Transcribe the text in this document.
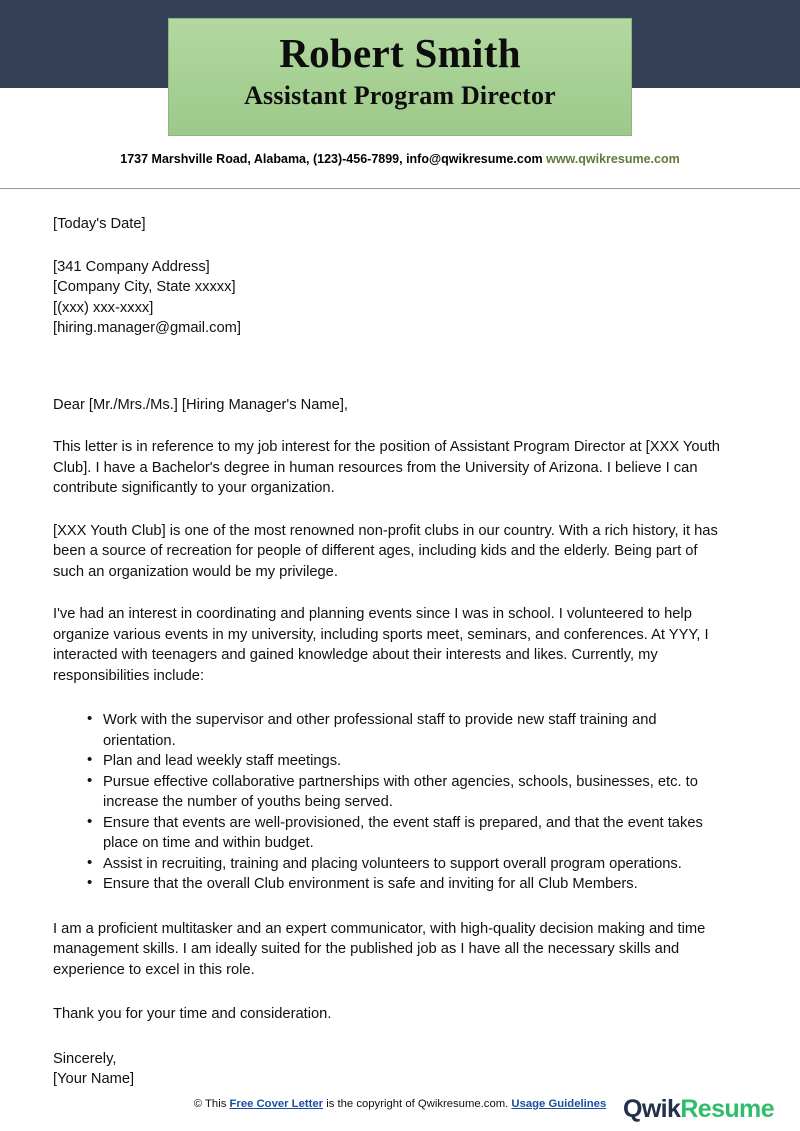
Robert Smith
Assistant Program Director
1737 Marshville Road, Alabama, (123)-456-7899, info@qwikresume.com www.qwikresume.com
[Today's Date]
[341 Company Address]
[Company City, State xxxxx]
[(xxx) xxx-xxxx]
[hiring.manager@gmail.com]
Dear [Mr./Mrs./Ms.] [Hiring Manager's Name],
This letter is in reference to my job interest for the position of Assistant Program Director at [XXX Youth Club]. I have a Bachelor's degree in human resources from the University of Arizona. I believe I can contribute significantly to your organization.
[XXX Youth Club] is one of the most renowned non-profit clubs in our country. With a rich history, it has been a source of recreation for people of different ages, including kids and the elderly. Being part of such an organization would be my privilege.
I've had an interest in coordinating and planning events since I was in school. I volunteered to help organize various events in my university, including sports meet, seminars, and conferences. At YYY, I interacted with teenagers and gained knowledge about their interests and likes. Currently, my responsibilities include:
• Work with the supervisor and other professional staff to provide new staff training and orientation.
• Plan and lead weekly staff meetings.
• Pursue effective collaborative partnerships with other agencies, schools, businesses, etc. to increase the number of youths being served.
• Ensure that events are well-provisioned, the event staff is prepared, and that the event takes place on time and within budget.
• Assist in recruiting, training and placing volunteers to support overall program operations.
• Ensure that the overall Club environment is safe and inviting for all Club Members.
I am a proficient multitasker and an expert communicator, with high-quality decision making and time management skills. I am ideally suited for the published job as I have all the necessary skills and experience to excel in this role.
Thank you for your time and consideration.
Sincerely,
[Your Name]
© This Free Cover Letter is the copyright of Qwikresume.com. Usage Guidelines QwikResume
